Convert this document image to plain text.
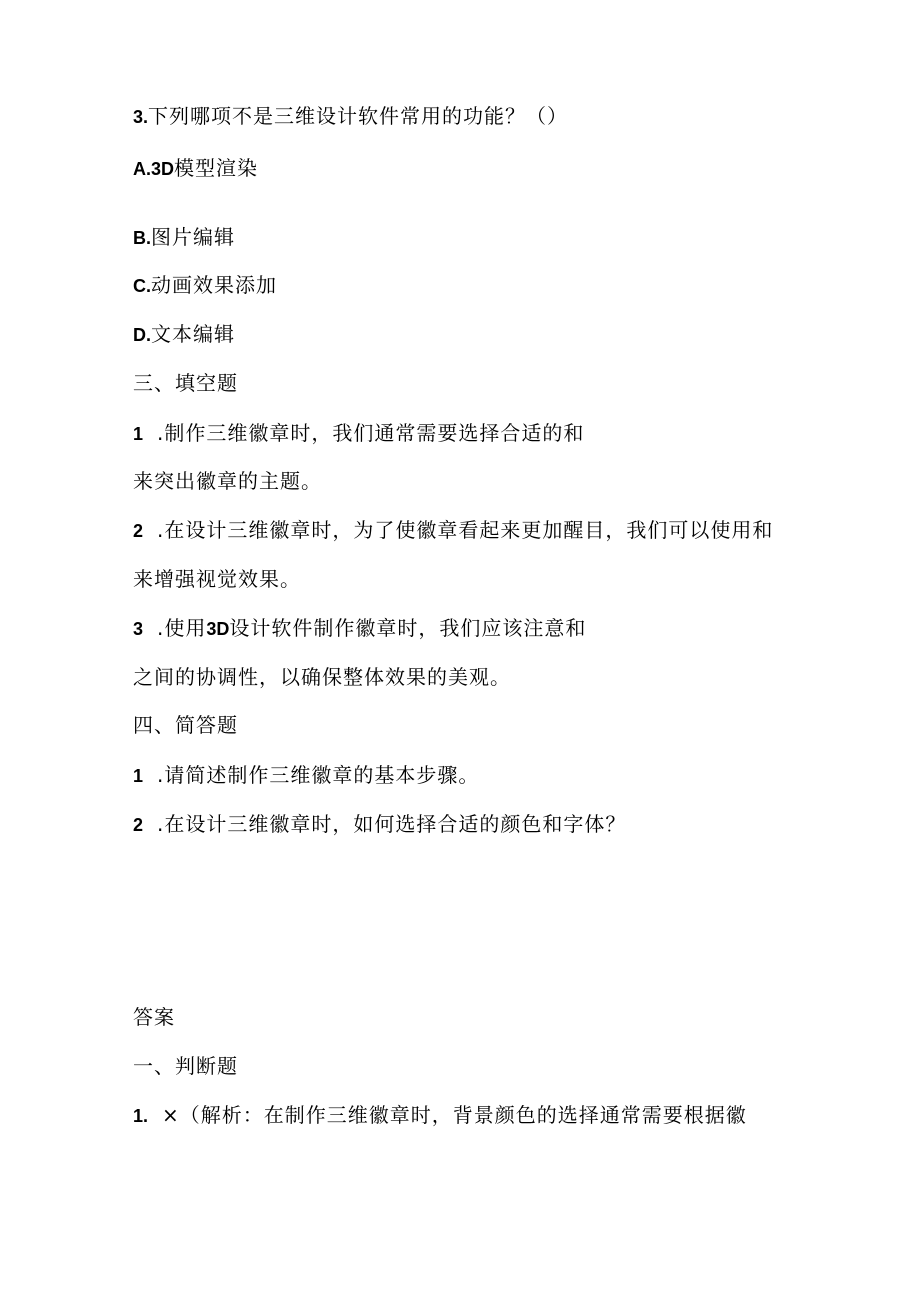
3.下列哪项不是三维设计软件常用的功能？（）
A.3D模型渲染
B.图片编辑
C.动画效果添加
D.文本编辑
三、填空题
1 .制作三维徽章时，我们通常需要选择合适的和
来突出徽章的主题。
2 .在设计三维徽章时，为了使徽章看起来更加醒目，我们可以使用和
来增强视觉效果。
3 .使用3D设计软件制作徽章时，我们应该注意和
之间的协调性，以确保整体效果的美观。
四、简答题
1 .请简述制作三维徽章的基本步骤。
2 .在设计三维徽章时，如何选择合适的颜色和字体？
答案
一、判断题
1. ×（解析：在制作三维徽章时，背景颜色的选择通常需要根据徽
